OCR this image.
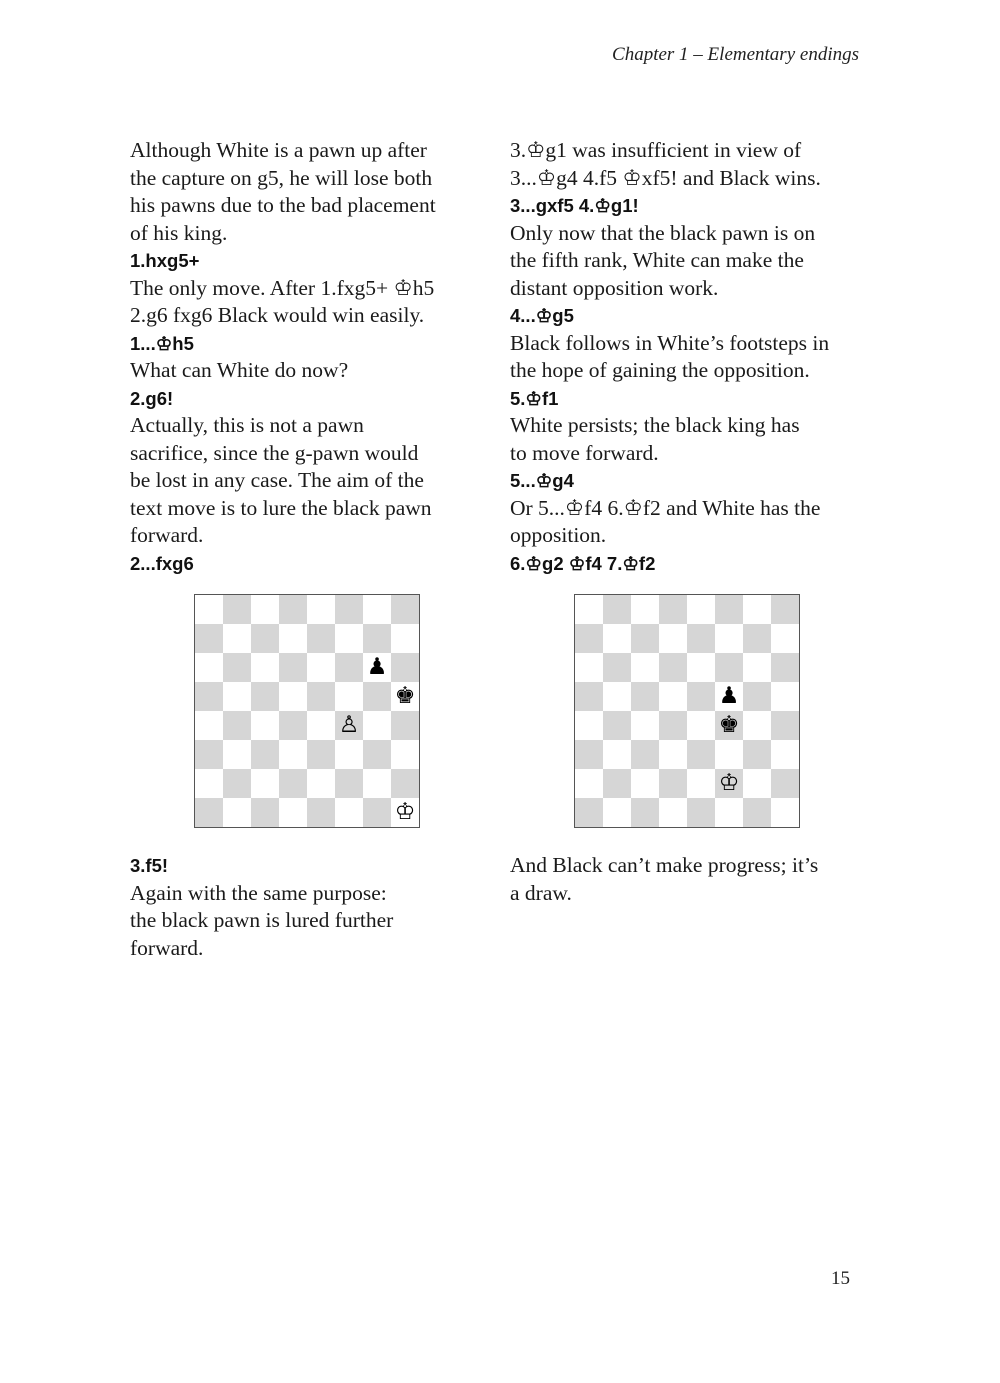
Chapter 1 – Elementary endings
Although White is a pawn up after
the capture on g5, he will lose both
his pawns due to the bad placement
of his king.
1.hxg5+
The only move. After 1.fxg5+ ♔h5
2.g6 fxg6 Black would win easily.
1...♔h5
What can White do now?
2.g6!
Actually, this is not a pawn
sacrifice, since the g-pawn would
be lost in any case. The aim of the
text move is to lure the black pawn
forward.
2...fxg6
3.♔g1 was insufficient in view of
3...♔g4 4.f5 ♔xf5! and Black wins.
3...gxf5 4.♔g1!
Only now that the black pawn is on
the fifth rank, White can make the
distant opposition work.
4...♔g5
Black follows in White’s footsteps in
the hope of gaining the opposition.
5.♔f1
White persists; the black king has
to move forward.
5...♔g4
Or 5...♔f4 6.♔f2 and White has the
opposition.
6.♔g2 ♔f4 7.♔f2
♟
♚
♙
♔
♟
♚
♔
3.f5!
Again with the same purpose:
the black pawn is lured further
forward.
And Black can’t make progress; it’s
a draw.
15
